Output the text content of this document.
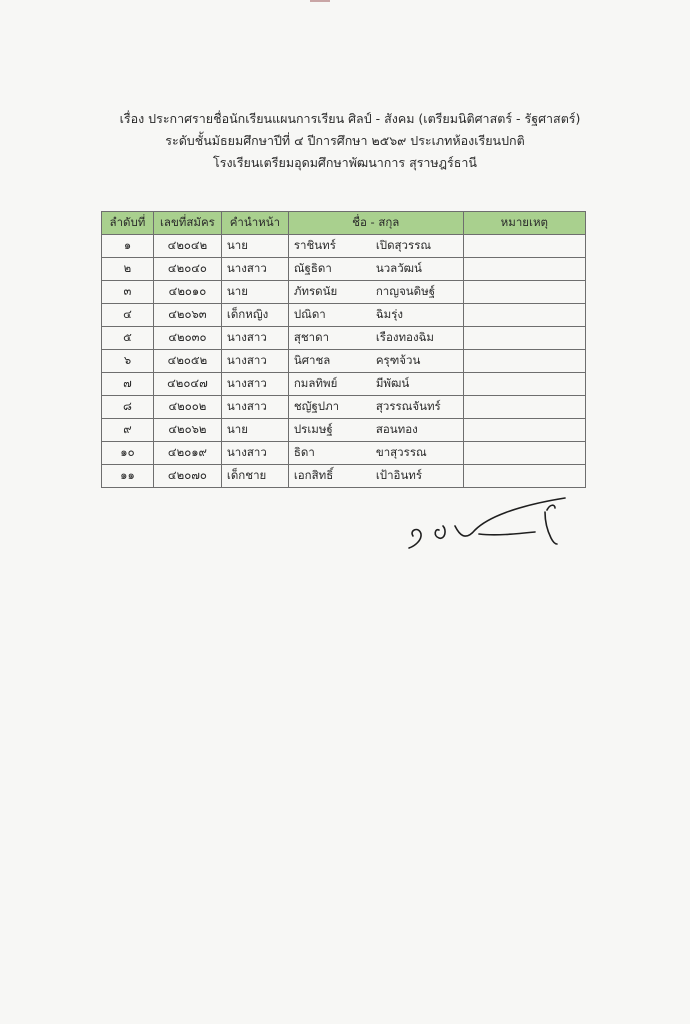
เรื่อง ประกาศรายชื่อนักเรียนแผนการเรียน ศิลป์ - สังคม (เตรียมนิติศาสตร์ - รัฐศาสตร์)
ระดับชั้นมัธยมศึกษาปีที่ ๔ ปีการศึกษา ๒๕๖๙ ประเภทห้องเรียนปกติ
โรงเรียนเตรียมอุดมศึกษาพัฒนาการ สุราษฎร์ธานี
ลำดับที่	เลขที่สมัคร	คำนำหน้า	ชื่อ - สกุล	หมายเหตุ
๑	๔๒๐๔๒	นาย	ราชินทร์ เปิดสุวรรณ	

๒	๔๒๐๔๐	นางสาว	ณัฐธิดา นวลวัฒน์	

๓	๔๒๐๑๐	นาย	ภัทรดนัย กาญจนดิษฐ์	

๔	๔๒๐๖๓	เด็กหญิง	ปณิดา ฉิมรุ่ง	

๕	๔๒๐๓๐	นางสาว	สุชาดา เรืองทองฉิม	

๖	๔๒๐๕๒	นางสาว	นิศาชล ครุฑจ้วน	

๗	๔๒๐๔๗	นางสาว	กมลทิพย์ มีพัฒน์	

๘	๔๒๐๐๒	นางสาว	ชญัฐปภา สุวรรณจันทร์	

๙	๔๒๐๖๒	นาย	ปรเมษฐ์ สอนทอง	

๑๐	๔๒๐๑๙	นางสาว	ธิดา ขาสุวรรณ	

๑๑	๔๒๐๗๐	เด็กชาย	เอกสิทธิ์ เป้าอินทร์	
